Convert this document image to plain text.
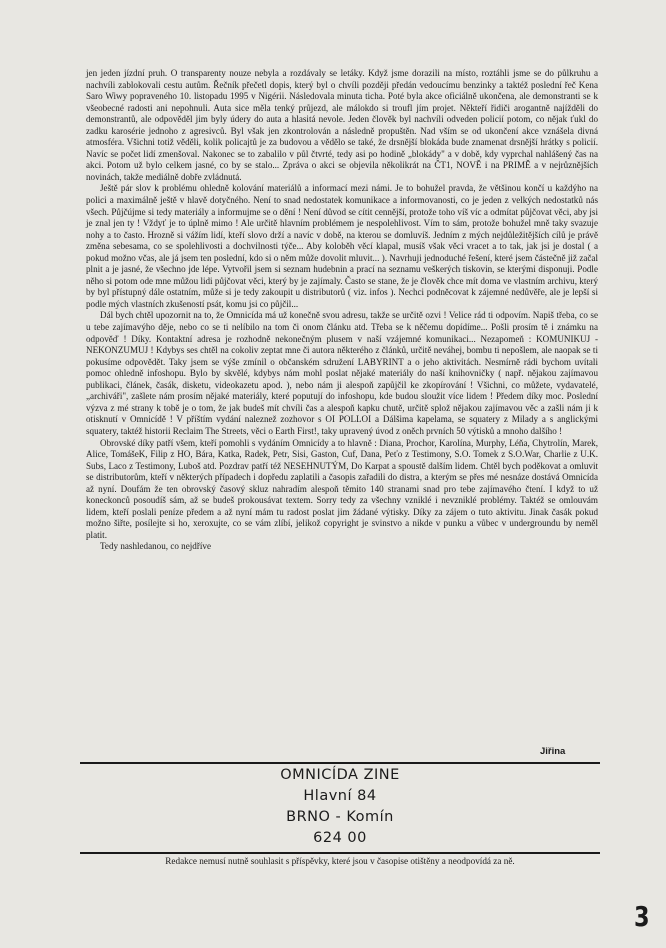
jen jeden jízdní pruh. O transparenty nouze nebyla a rozdávaly se letáky. Když jsme dorazili na místo, roztáhli jsme se do půlkruhu a nachvíli zablokovali cestu autům. Řečník přečetl dopis, který byl o chvíli později předán vedoucímu benzinky a taktéž poslední řeč Kena Saro Wiwy popraveného 10. listopadu 1995 v Nigérii. Následovala minuta ticha. Poté byla akce oficiálně ukončena, ale demonstranti se k všeobecné radosti ani nepohnuli. Auta sice měla tenký průjezd, ale málokdo si troufl jím projet. Někteří řidiči arogantně najížděli do demonstrantů, ale odpověděl jim byly údery do auta a hlasitá nevole. Jeden člověk byl nachvíli odveden policií potom, co nějak ťukl do zadku karosérie jednoho z agresivců. Byl však jen zkontrolován a následně propuštěn. Nad vším se od ukončení akce vznášela divná atmosféra. Všichni totiž věděli, kolik policajtů je za budovou a vědělo se také, že drsnější blokáda bude znamenat drsnější hrátky s policií. Navíc se počet lidí zmenšoval. Nakonec se to zabalilo v půl čtvrté, tedy asi po hodině „blokády" a v době, kdy vyprchal nahlášený čas na akci. Potom už bylo celkem jasné, co by se stalo... Zpráva o akci se objevila několikrát na ČT1, NOVĚ i na PRIMĚ a v nejrůznějších novinách, takže mediálně dobře zvládnutá.

Ještě pár slov k problému ohledně kolování materiálů a informací mezi námi. Je to bohužel pravda, že většinou končí u každýho na polici a maximálně ještě v hlavě dotyčného. Není to snad nedostatek komunikace a informovanosti, co je jeden z velkých nedostatků nás všech. Půjčújme si tedy materiály a informujme se o dění ! Není důvod se cítit cennější, protože toho víš víc a odmítat půjčovat věci, aby jsi je znal jen ty ! Vždyť je to úplně mimo ! Ale určitě hlavním problémem je nespolehlivost. Vím to sám, protože bohužel mně taky svazuje nohy a to často. Hrozně si vážím lidí, kteří slovo drží a navíc v době, na kterou se domluvíš. Jedním z mých nejdůležitějších cílů je právě změna sebesama, co se spolehlivosti a dochvilnosti týče... Aby koloběh věcí klapal, musíš však věci vracet a to tak, jak jsi je dostal ( a pokud možno včas, ale já jsem ten poslední, kdo si o něm může dovolit mluvit... ). Navrhuji jednoduché řešení, které jsem částečně již začal plnit a je jasné, že všechno jde lépe. Vytvořil jsem si seznam hudebnin a prací na seznamu veškerých tiskovin, se kterými disponuji. Podle něho si potom ode mne můžou lidi půjčovat věci, který by je zajímaly. Často se stane, že je člověk chce mít doma ve vlastním archivu, který by byl přístupný dále ostatním, může si je tedy zakoupit u distributorů ( viz. infos ). Nechci podněcovat k zájemné nedůvěře, ale je lepší si podle mých vlastních zkušeností psát, komu jsi co půjčil...

Dál bych chtěl upozornit na to, že Omnicída má už konečně svou adresu, takže se určitě ozvi ! Velice rád ti odpovím. Napiš třeba, co se u tebe zajímavýho děje, nebo co se ti nelíbilo na tom či onom článku atd. Třeba se k něčemu dopídíme... Pošli prosím tě i známku na odpověď ! Díky. Kontaktní adresa je rozhodně nekonečným plusem v naší vzájemné komunikaci... Nezapomeň : KOMUNIKUJ - NEKONZUMUJ ! Kdybys ses chtěl na cokoliv zeptat mne či autora některého z článků, určitě neváhej, bombu ti nepošlem, ale naopak se ti pokusíme odpovědět. Taky jsem se výše zmínil o občanském sdružení LABYRINT a o jeho aktivitách. Nesmírně rádi bychom uvítali pomoc ohledně infoshopu. Bylo by skvělé, kdybys nám mohl poslat nějaké materiály do naší knihovničky ( např. nějakou zajímavou publikaci, článek, časák, disketu, videokazetu apod. ), nebo nám ji alespoň zapůjčil ke zkopírování ! Všichni, co můžete, vydavatelé, „archiváři", zašlete nám prosím nějaké materiály, které poputují do infoshopu, kde budou sloužit více lidem ! Předem díky moc. Poslední výzva z mé strany k tobě je o tom, že jak budeš mít chvíli čas a alespoň kapku chutě, určitě splož nějakou zajímavou věc a zašli nám ji k otisknutí v Omnicídě ! V příštím vydání naleznež zozhovor s OI POLLOI a Dálšima kapelama, se squatery z Milady a s anglickými squatery, taktéž historii Reclaim The Streets, věci o Earth First!, taky upravený úvod z oněch prvních 50 výtisků a mnoho dalšího !

Obrovské díky patří všem, kteří pomohli s vydáním Omnicídy a to hlavně : Diana, Prochor, Karolína, Murphy, Léňa, Chytrolín, Marek, Alice, TomášeK, Filip z HO, Bára, Katka, Radek, Petr, Sisi, Gaston, Cuf, Dana, Peťo z Testimony, S.O. Tomek z S.O.War, Charlie z U.K. Subs, Laco z Testimony, Luboš atd. Pozdrav patří též NESEHNUTÝM, Do Karpat a spoustě dalším lidem. Chtěl bych poděkovat a omluvit se distributorům, kteří v některých případech i dopředu zaplatili a časopis zařadili do distra, a kterým se přes mé nesnáze dostává Omnicída až nyní. Doufám že ten obrovský časový skluz nahradím alespoň těmito 140 stranami snad pro tebe zajímavého čtení. I když to už koneckonců posoudíš sám, až se budeš prokousávat textem. Sorry tedy za všechny vzniklé i nevzniklé problémy. Taktéž se omlouvám lidem, kteří poslali peníze předem a až nyní mám tu radost poslat jim žádané výtisky. Díky za zájem o tuto aktivitu. Jinak časák pokud možno šiřte, posílejte si ho, xeroxujte, co se vám zlíbí, jelikož copyright je svinstvo a nikde v punku a vůbec v undergroundu by neměl platit.

Tedy nashledanou, co nejdříve

Jiřina
OMNICÍDA ZINE
Hlavní 84
BRNO - Komín
624 00
Redakce nemusí nutně souhlasit s příspěvky, které jsou v časopise otištěny a neodpovídá za ně.
3
